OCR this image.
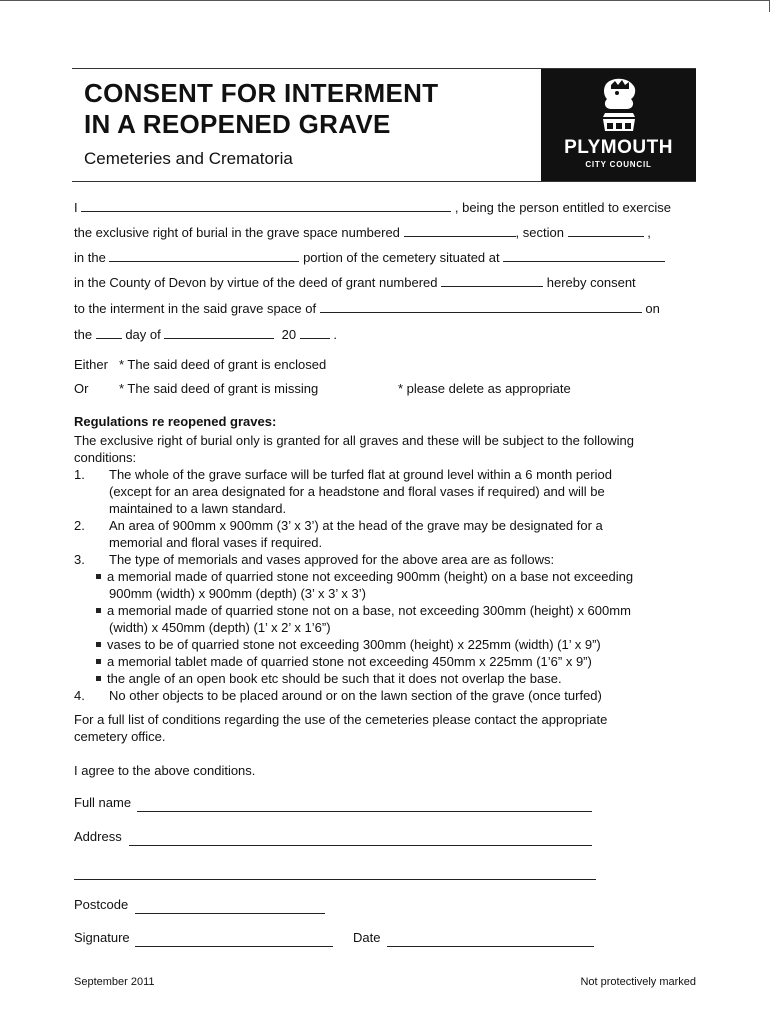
CONSENT FOR INTERMENT
IN A REOPENED GRAVE
Cemeteries and Crematoria
PLYMOUTH
CITY COUNCIL
I	, being the person entitled to exercise
the exclusive right of burial in the grave space numbered	, section	,
in the	portion of the cemetery situated at
in the County of Devon by virtue of the deed of grant numbered	hereby consent
to the interment in the said grave space of	on
the	day of	20	.
Either * The said deed of grant is enclosed
Or * The said deed of grant is missing	* please delete as appropriate
Regulations re reopened graves:
The exclusive right of burial only is granted for all graves and these will be subject to the following
conditions:
1. The whole of the grave surface will be turfed flat at ground level within a 6 month period
(except for an area designated for a headstone and floral vases if required) and will be
maintained to a lawn standard.
2. An area of 900mm x 900mm (3’ x 3’) at the head of the grave may be designated for a
memorial and floral vases if required.
3. The type of memorials and vases approved for the above area are as follows:
a memorial made of quarried stone not exceeding 900mm (height) on a base not exceeding
900mm (width) x 900mm (depth) (3’ x 3’ x 3’)
a memorial made of quarried stone not on a base, not exceeding 300mm (height) x 600mm
(width) x 450mm (depth) (1’ x 2’ x 1’6”)
vases to be of quarried stone not exceeding 300mm (height) x 225mm (width) (1’ x 9”)
a memorial tablet made of quarried stone not exceeding 450mm x 225mm (1’6” x 9”)
the angle of an open book etc should be such that it does not overlap the base.
4. No other objects to be placed around or on the lawn section of the grave (once turfed)
For a full list of conditions regarding the use of the cemeteries please contact the appropriate
cemetery office.
I agree to the above conditions.
Full name
Address
Postcode
Signature	Date
September 2011	Not protectively marked
